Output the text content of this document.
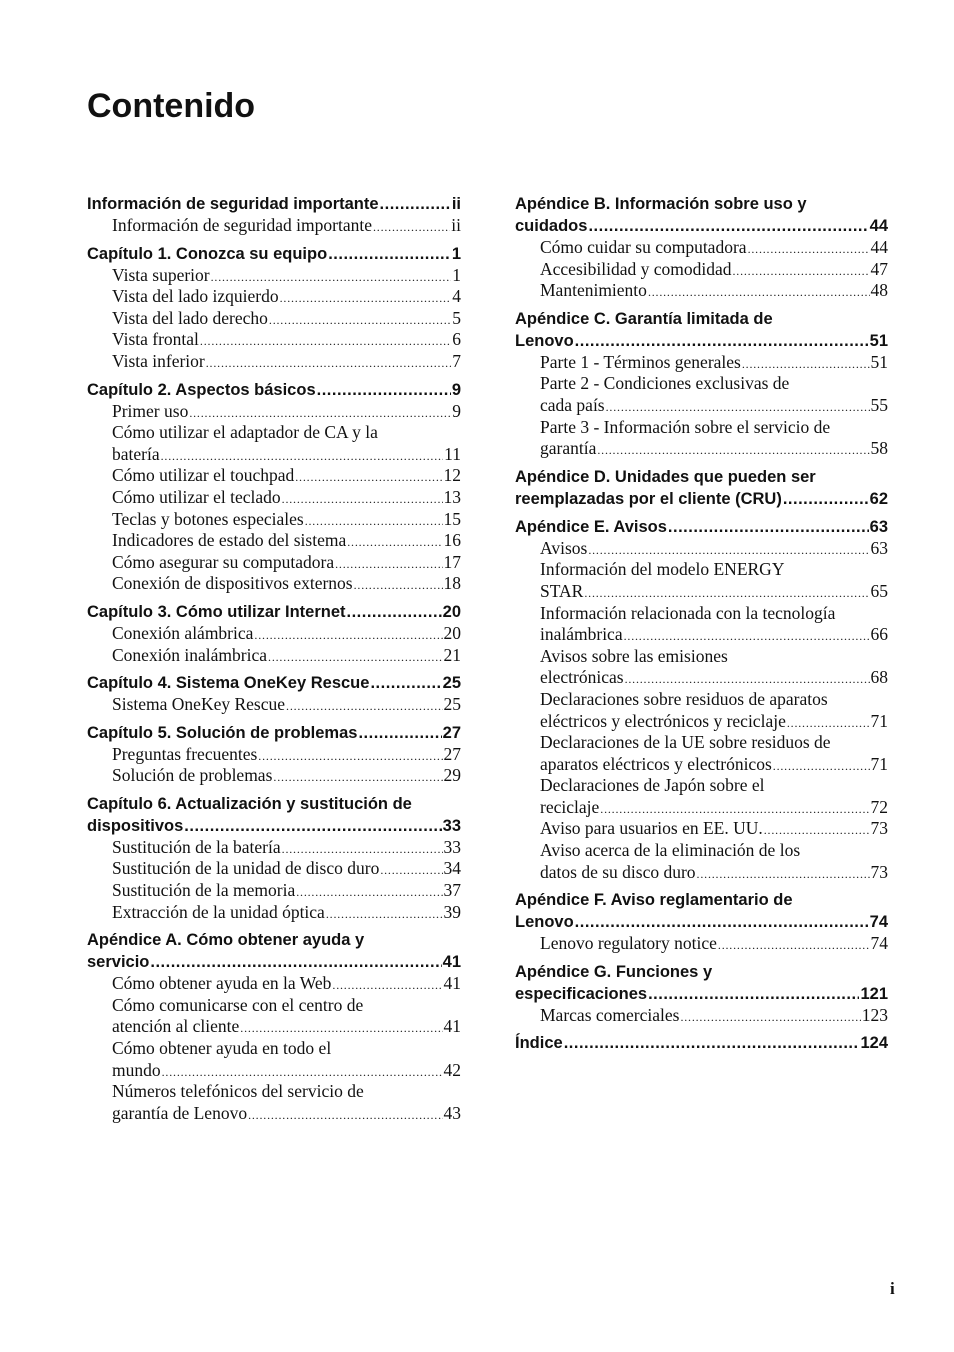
Contenido
Información de seguridad importante .....	ii
Información de seguridad importante .....	ii
Capítulo 1. Conozca su equipo .....	1
Vista superior .....	1
Vista del lado izquierdo .....	4
Vista del lado derecho .....	5
Vista frontal .....	6
Vista inferior .....	7
Capítulo 2. Aspectos básicos .....	9
Primer uso .....	9
Cómo utilizar el adaptador de CA y la
batería .....	11
Cómo utilizar el touchpad .....	12
Cómo utilizar el teclado .....	13
Teclas y botones especiales .....	15
Indicadores de estado del sistema .....	16
Cómo asegurar su computadora .....	17
Conexión de dispositivos externos .....	18
Capítulo 3. Cómo utilizar Internet .....	20
Conexión alámbrica .....	20
Conexión inalámbrica .....	21
Capítulo 4. Sistema OneKey Rescue .....	25
Sistema OneKey Rescue .....	25
Capítulo 5. Solución de problemas .....	27
Preguntas frecuentes .....	27
Solución de problemas .....	29
Capítulo 6. Actualización y sustitución de
dispositivos .....	33
Sustitución de la batería .....	33
Sustitución de la unidad de disco duro .....	34
Sustitución de la memoria .....	37
Extracción de la unidad óptica .....	39
Apéndice A. Cómo obtener ayuda y
servicio .....	41
Cómo obtener ayuda en la Web .....	41
Cómo comunicarse con el centro de
atención al cliente .....	41
Cómo obtener ayuda en todo el
mundo .....	42
Números telefónicos del servicio de
garantía de Lenovo .....	43
Apéndice B. Información sobre uso y
cuidados .....	44
Cómo cuidar su computadora .....	44
Accesibilidad y comodidad .....	47
Mantenimiento .....	48
Apéndice C. Garantía limitada de
Lenovo .....	51
Parte 1 - Términos generales .....	51
Parte 2 - Condiciones exclusivas de
cada país .....	55
Parte 3 - Información sobre el servicio de
garantía .....	58
Apéndice D. Unidades que pueden ser
reemplazadas por el cliente (CRU) .....	62
Apéndice E. Avisos .....	63
Avisos .....	63
Información del modelo ENERGY
STAR .....	65
Información relacionada con la tecnología
inalámbrica .....	66
Avisos sobre las emisiones
electrónicas .....	68
Declaraciones sobre residuos de aparatos
eléctricos y electrónicos y reciclaje .....	71
Declaraciones de la UE sobre residuos de
aparatos eléctricos y electrónicos .....	71
Declaraciones de Japón sobre el
reciclaje .....	72
Aviso para usuarios en EE. UU. .....	73
Aviso acerca de la eliminación de los
datos de su disco duro .....	73
Apéndice F. Aviso reglamentario de
Lenovo .....	74
Lenovo regulatory notice .....	74
Apéndice G. Funciones y
especificaciones .....	121
Marcas comerciales .....	123
Índice .....	124
i
